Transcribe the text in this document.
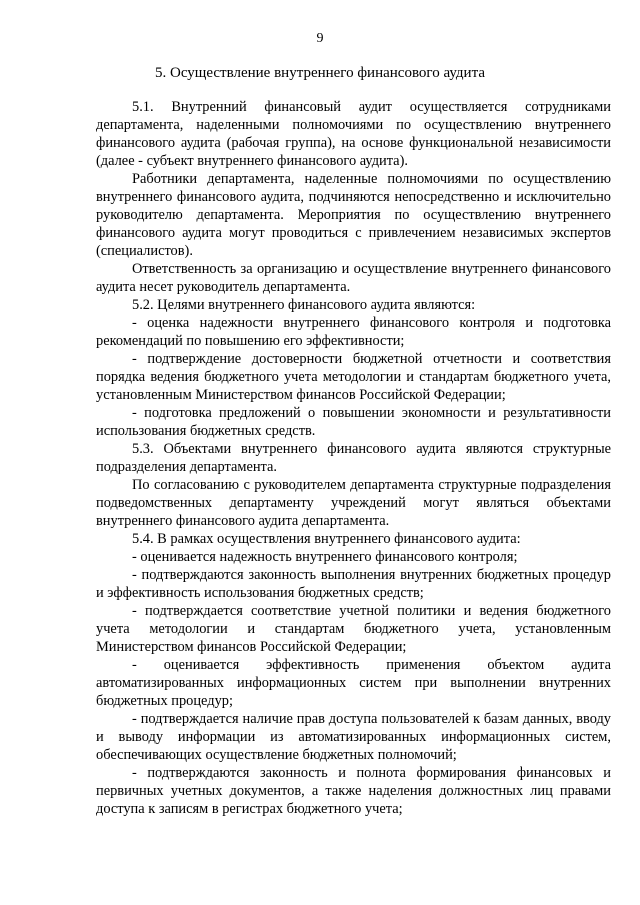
9
5. Осуществление внутреннего финансового аудита

5.1. Внутренний финансовый аудит осуществляется сотрудниками департамента, наделенными полномочиями по осуществлению внутреннего финансового аудита (рабочая группа), на основе функциональной независимости (далее - субъект внутреннего финансового аудита).

Работники департамента, наделенные полномочиями по осуществлению внутреннего финансового аудита, подчиняются непосредственно и исключительно руководителю департамента. Мероприятия по осуществлению внутреннего финансового аудита могут проводиться с привлечением независимых экспертов (специалистов).

Ответственность за организацию и осуществление внутреннего финансового аудита несет руководитель департамента.

5.2. Целями внутреннего финансового аудита являются:

- оценка надежности внутреннего финансового контроля и подготовка рекомендаций по повышению его эффективности;

- подтверждение достоверности бюджетной отчетности и соответствия порядка ведения бюджетного учета методологии и стандартам бюджетного учета, установленным Министерством финансов Российской Федерации;

- подготовка предложений о повышении экономности и результативности использования бюджетных средств.

5.3. Объектами внутреннего финансового аудита являются структурные подразделения департамента.

По согласованию с руководителем департамента структурные подразделения подведомственных департаменту учреждений могут являться объектами внутреннего финансового аудита департамента.

5.4. В рамках осуществления внутреннего финансового аудита:

- оценивается надежность внутреннего финансового контроля;

- подтверждаются законность выполнения внутренних бюджетных процедур и эффективность использования бюджетных средств;

- подтверждается соответствие учетной политики и ведения бюджетного учета методологии и стандартам бюджетного учета, установленным Министерством финансов Российской Федерации;

- оценивается эффективность применения объектом аудита автоматизированных информационных систем при выполнении внутренних бюджетных процедур;

- подтверждается наличие прав доступа пользователей к базам данных, вводу и выводу информации из автоматизированных информационных систем, обеспечивающих осуществление бюджетных полномочий;

- подтверждаются законность и полнота формирования финансовых и первичных учетных документов, а также наделения должностных лиц правами доступа к записям в регистрах бюджетного учета;
